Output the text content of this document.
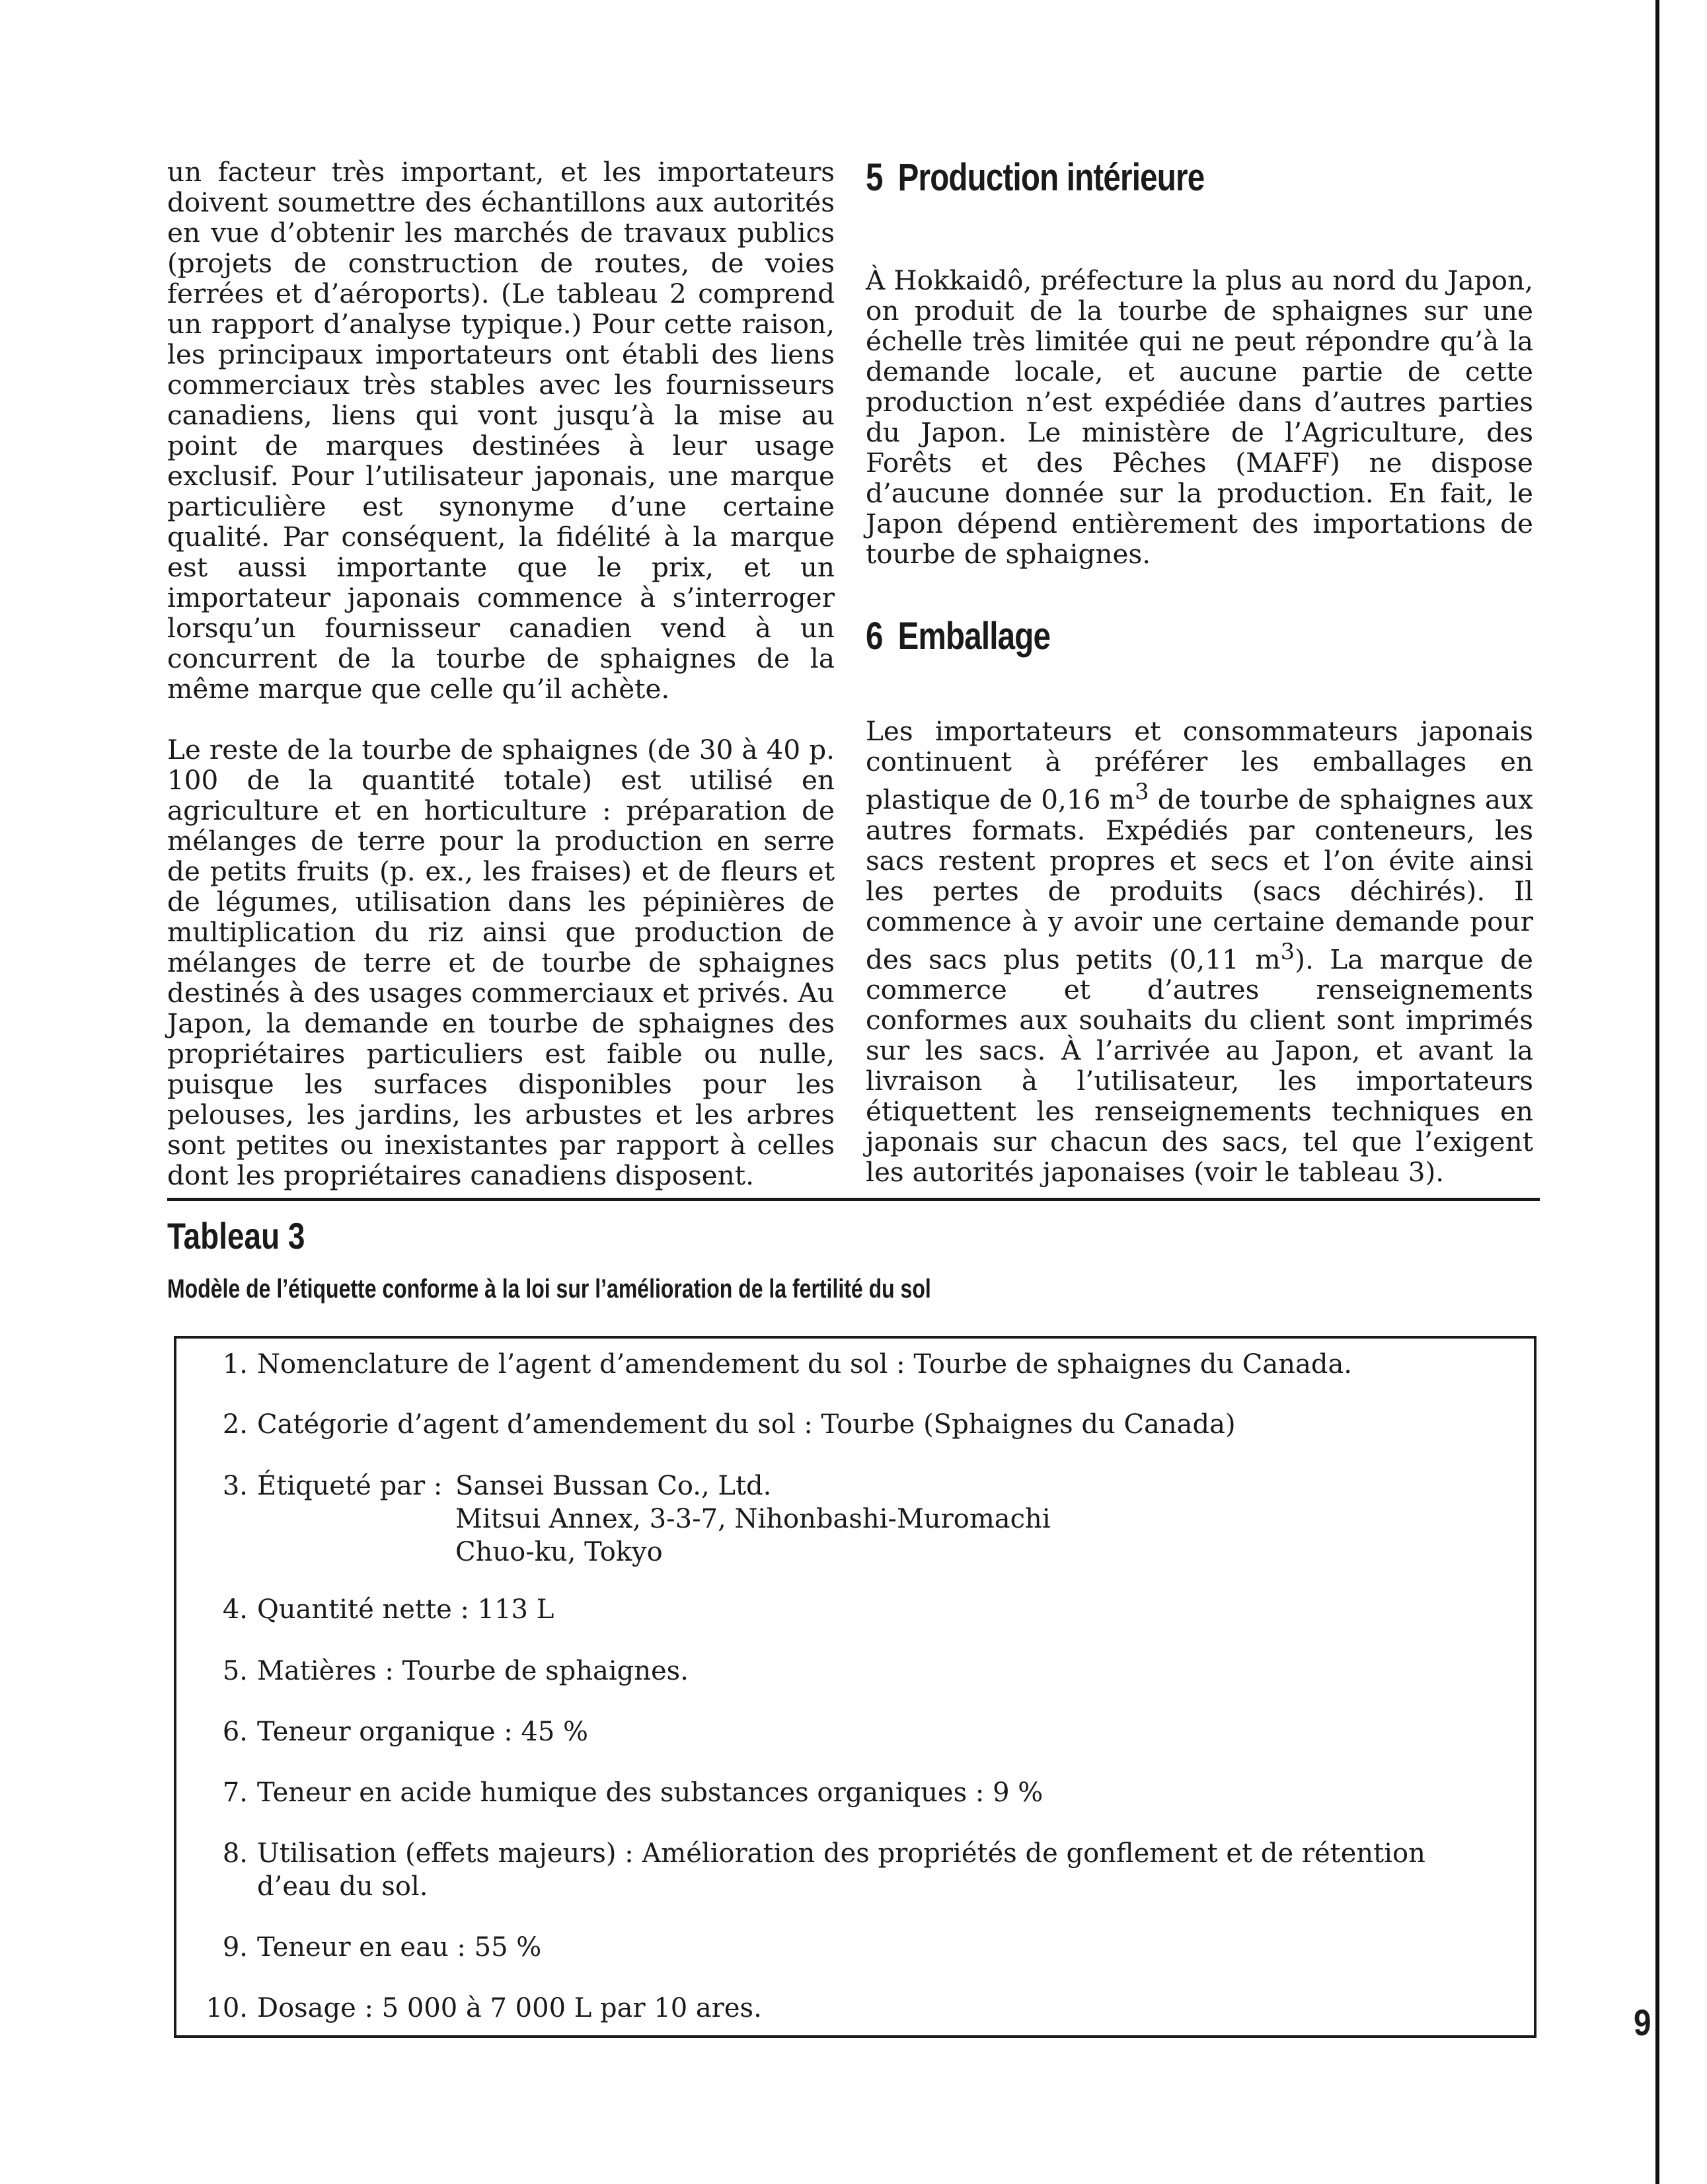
un facteur très important, et les importateurs doivent soumettre des échantillons aux autorités en vue d’obtenir les marchés de travaux publics (projets de construction de routes, de voies ferrées et d’aéroports). (Le tableau 2 comprend un rapport d’analyse typique.) Pour cette raison, les principaux importateurs ont établi des liens commerciaux très stables avec les fournisseurs canadiens, liens qui vont jusqu’à la mise au point de marques destinées à leur usage exclusif. Pour l’utilisateur japonais, une marque particulière est synonyme d’une certaine qualité. Par conséquent, la fidélité à la marque est aussi importante que le prix, et un importateur japonais commence à s’interroger lorsqu’un fournisseur canadien vend à un concurrent de la tourbe de sphaignes de la même marque que celle qu’il achète.

Le reste de la tourbe de sphaignes (de 30 à 40 p. 100 de la quantité totale) est utilisé en agriculture et en horticulture : préparation de mélanges de terre pour la production en serre de petits fruits (p. ex., les fraises) et de fleurs et de légumes, utilisation dans les pépinières de multiplication du riz ainsi que production de mélanges de terre et de tourbe de sphaignes destinés à des usages commerciaux et privés. Au Japon, la demande en tourbe de sphaignes des propriétaires particuliers est faible ou nulle, puisque les surfaces disponibles pour les pelouses, les jardins, les arbustes et les arbres sont petites ou inexistantes par rapport à celles dont les propriétaires canadiens disposent.

5 Production intérieure

À Hokkaidô, préfecture la plus au nord du Japon, on produit de la tourbe de sphaignes sur une échelle très limitée qui ne peut répondre qu’à la demande locale, et aucune partie de cette production n’est expédiée dans d’autres parties du Japon. Le ministère de l’Agriculture, des Forêts et des Pêches (MAFF) ne dispose d’aucune donnée sur la production. En fait, le Japon dépend entièrement des importations de tourbe de sphaignes.

6 Emballage

Les importateurs et consommateurs japonais continuent à préférer les emballages en plastique de 0,16 $m^3$ de tourbe de sphaignes aux autres formats. Expédiés par conteneurs, les sacs restent propres et secs et l’on évite ainsi les pertes de produits (sacs déchirés). Il commence à y avoir une certaine demande pour des sacs plus petits (0,11 $m^3$). La marque de commerce et d’autres renseignements conformes aux souhaits du client sont imprimés sur les sacs. À l’arrivée au Japon, et avant la livraison à l’utilisateur, les importateurs étiquettent les renseignements techniques en japonais sur chacun des sacs, tel que l’exigent les autorités japonaises (voir le tableau 3).

Tableau 3
Modèle de l’étiquette conforme à la loi sur l’amélioration de la fertilité du sol
1. Nomenclature de l’agent d’amendement du sol : Tourbe de sphaignes du Canada.
2. Catégorie d’agent d’amendement du sol : Tourbe (Sphaignes du Canada)
3. Étiqueté par : Sansei Bussan Co., Ltd.
Mitsui Annex, 3-3-7, Nihonbashi-Muromachi
Chuo-ku, Tokyo
4. Quantité nette : 113 L
5. Matières : Tourbe de sphaignes.
6. Teneur organique : 45 %
7. Teneur en acide humique des substances organiques : 9 %
8. Utilisation (effets majeurs) : Amélioration des propriétés de gonflement et de rétention d’eau du sol.
9. Teneur en eau : 55 %
10. Dosage : 5 000 à 7 000 L par 10 ares.	9
